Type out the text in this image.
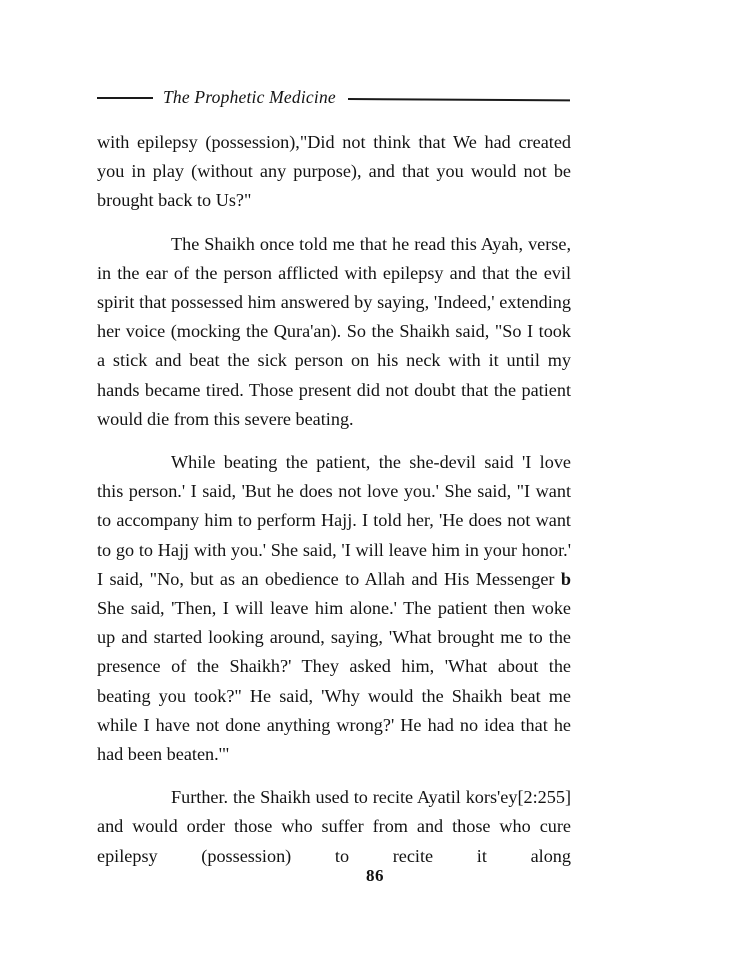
The Prophetic Medicine

with epilepsy (possession),"Did not think that We had created you in play (without any purpose), and that you would not be brought back to Us?"

The Shaikh once told me that he read this Ayah, verse, in the ear of the person afflicted with epilepsy and that the evil spirit that possessed him answered by saying, 'Indeed,' extending her voice (mocking the Qura'an). So the Shaikh said, "So I took a stick and beat the sick person on his neck with it until my hands became tired. Those present did not doubt that the patient would die from this severe beating.

While beating the patient, the she-devil said 'I love this person.' I said, 'But he does not love you.' She said, "I want to accompany him to perform Hajj. I told her, 'He does not want to go to Hajj with you.' She said, 'I will leave him in your honor.' I said, "No, but as an obedience to Allah and His Messenger b She said, 'Then, I will leave him alone.' The patient then woke up and started looking around, saying, 'What brought me to the presence of the Shaikh?' They asked him, 'What about the beating you took?" He said, 'Why would the Shaikh beat me while I have not done anything wrong?' He had no idea that he had been beaten.'"

Further. the Shaikh used to recite Ayatil kors'ey[2:255] and would order those who suffer from and those who cure epilepsy (possession) to recite it along

86
